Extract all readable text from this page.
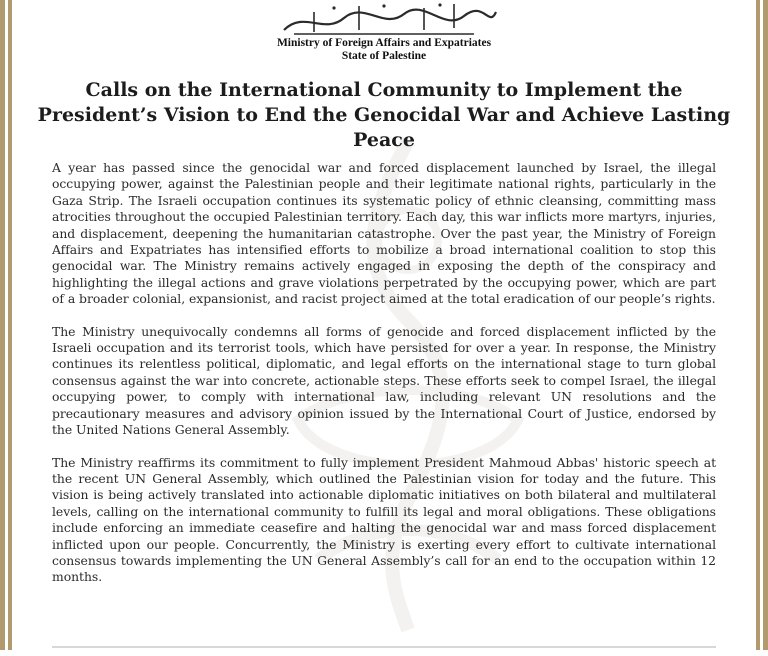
Ministry of Foreign Affairs and Expatriates
State of Palestine
Calls on the International Community to Implement the President’s Vision to End the Genocidal War and Achieve Lasting Peace

A year has passed since the genocidal war and forced displacement launched by Israel, the illegal occupying power, against the Palestinian people and their legitimate national rights, particularly in the Gaza Strip. The Israeli occupation continues its systematic policy of ethnic cleansing, committing mass atrocities throughout the occupied Palestinian territory. Each day, this war inflicts more martyrs, injuries, and displacement, deepening the humanitarian catastrophe. Over the past year, the Ministry of Foreign Affairs and Expatriates has intensified efforts to mobilize a broad international coalition to stop this genocidal war. The Ministry remains actively engaged in exposing the depth of the conspiracy and highlighting the illegal actions and grave violations perpetrated by the occupying power, which are part of a broader colonial, expansionist, and racist project aimed at the total eradication of our people’s rights.

The Ministry unequivocally condemns all forms of genocide and forced displacement inflicted by the Israeli occupation and its terrorist tools, which have persisted for over a year. In response, the Ministry continues its relentless political, diplomatic, and legal efforts on the international stage to turn global consensus against the war into concrete, actionable steps. These efforts seek to compel Israel, the illegal occupying power, to comply with international law, including relevant UN resolutions and the precautionary measures and advisory opinion issued by the International Court of Justice, endorsed by the United Nations General Assembly.

The Ministry reaffirms its commitment to fully implement President Mahmoud Abbas' historic speech at the recent UN General Assembly, which outlined the Palestinian vision for today and the future. This vision is being actively translated into actionable diplomatic initiatives on both bilateral and multilateral levels, calling on the international community to fulfill its legal and moral obligations. These obligations include enforcing an immediate ceasefire and halting the genocidal war and mass forced displacement inflicted upon our people. Concurrently, the Ministry is exerting every effort to cultivate international consensus towards implementing the UN General Assembly’s call for an end to the occupation within 12 months.
